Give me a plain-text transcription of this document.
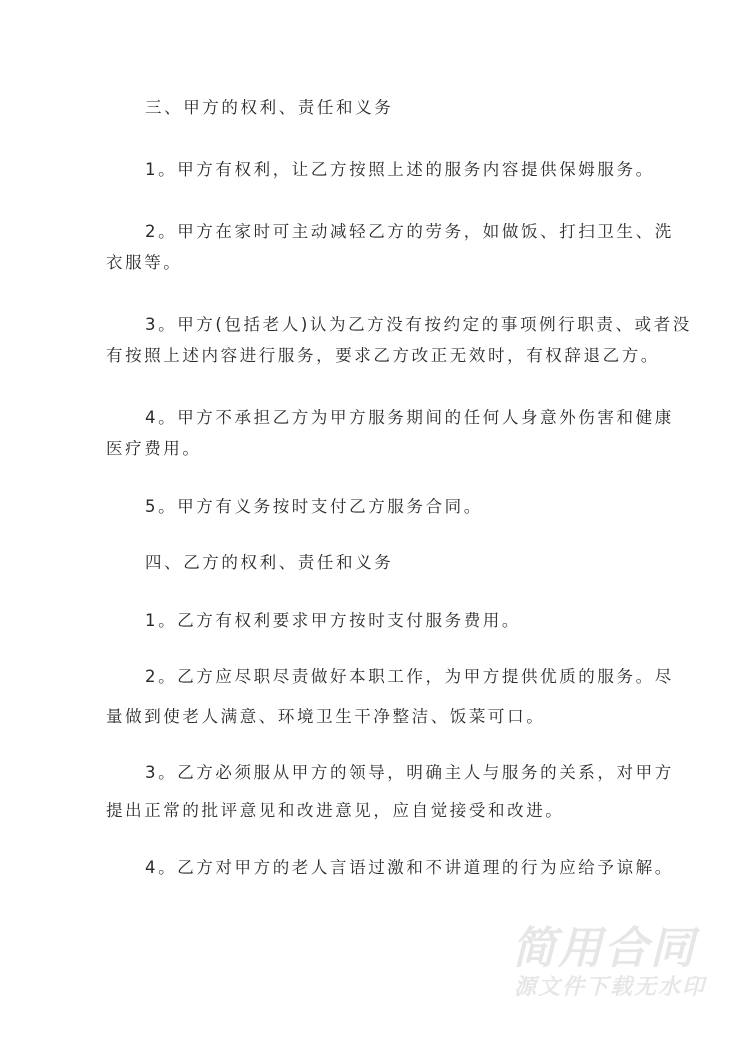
三、甲方的权利、责任和义务
1。甲方有权利，让乙方按照上述的服务内容提供保姆服务。
2。甲方在家时可主动减轻乙方的劳务，如做饭、打扫卫生、洗
衣服等。
3。甲方(包括老人)认为乙方没有按约定的事项例行职责、或者没
有按照上述内容进行服务，要求乙方改正无效时，有权辞退乙方。
4。甲方不承担乙方为甲方服务期间的任何人身意外伤害和健康
医疗费用。
5。甲方有义务按时支付乙方服务合同。
四、乙方的权利、责任和义务
1。乙方有权利要求甲方按时支付服务费用。
2。乙方应尽职尽责做好本职工作，为甲方提供优质的服务。尽
量做到使老人满意、环境卫生干净整洁、饭菜可口。
3。乙方必须服从甲方的领导，明确主人与服务的关系，对甲方
提出正常的批评意见和改进意见，应自觉接受和改进。
4。乙方对甲方的老人言语过激和不讲道理的行为应给予谅解。
简用合同
源文件下载无水印
